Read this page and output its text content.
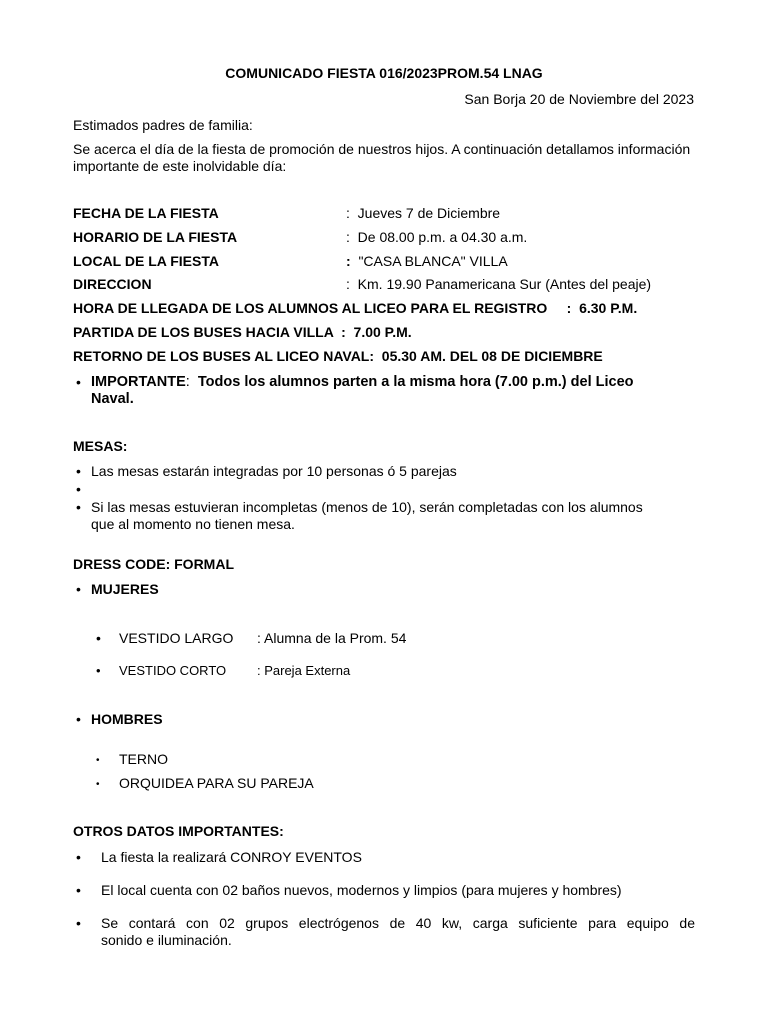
COMUNICADO FIESTA 016/2023PROM.54 LNAG
San Borja 20 de Noviembre del 2023
Estimados padres de familia:
Se acerca el día de la fiesta de promoción de nuestros hijos. A continuación detallamos información
importante de este inolvidable día:
FECHA DE LA FIESTA	: Jueves 7 de Diciembre
HORARIO DE LA FIESTA	: De 08.00 p.m. a 04.30 a.m.
LOCAL DE LA FIESTA	: "CASA BLANCA" VILLA
DIRECCION	: Km. 19.90 Panamericana Sur (Antes del peaje)
HORA DE LLEGADA DE LOS ALUMNOS AL LICEO PARA EL REGISTRO     :  6.30 P.M.
PARTIDA DE LOS BUSES HACIA VILLA  :  7.00 P.M.
RETORNO DE LOS BUSES AL LICEO NAVAL:  05.30 AM. DEL 08 DE DICIEMBRE
• IMPORTANTE: Todos los alumnos parten a la misma hora (7.00 p.m.) del Liceo
Naval.
MESAS:
• Las mesas estarán integradas por 10 personas ó 5 parejas
•
• Si las mesas estuvieran incompletas (menos de 10), serán completadas con los alumnos
que al momento no tienen mesa.
DRESS CODE: FORMAL
• MUJERES
• VESTIDO LARGO : Alumna de la Prom. 54
• VESTIDO CORTO : Pareja Externa
• HOMBRES
• TERNO
• ORQUIDEA PARA SU PAREJA
OTROS DATOS IMPORTANTES:
• La fiesta la realizará CONROY EVENTOS
• El local cuenta con 02 baños nuevos, modernos y limpios (para mujeres y hombres)
• Se contará con 02 grupos electrógenos de 40 kw, carga suficiente para equipo de
sonido e iluminación.
